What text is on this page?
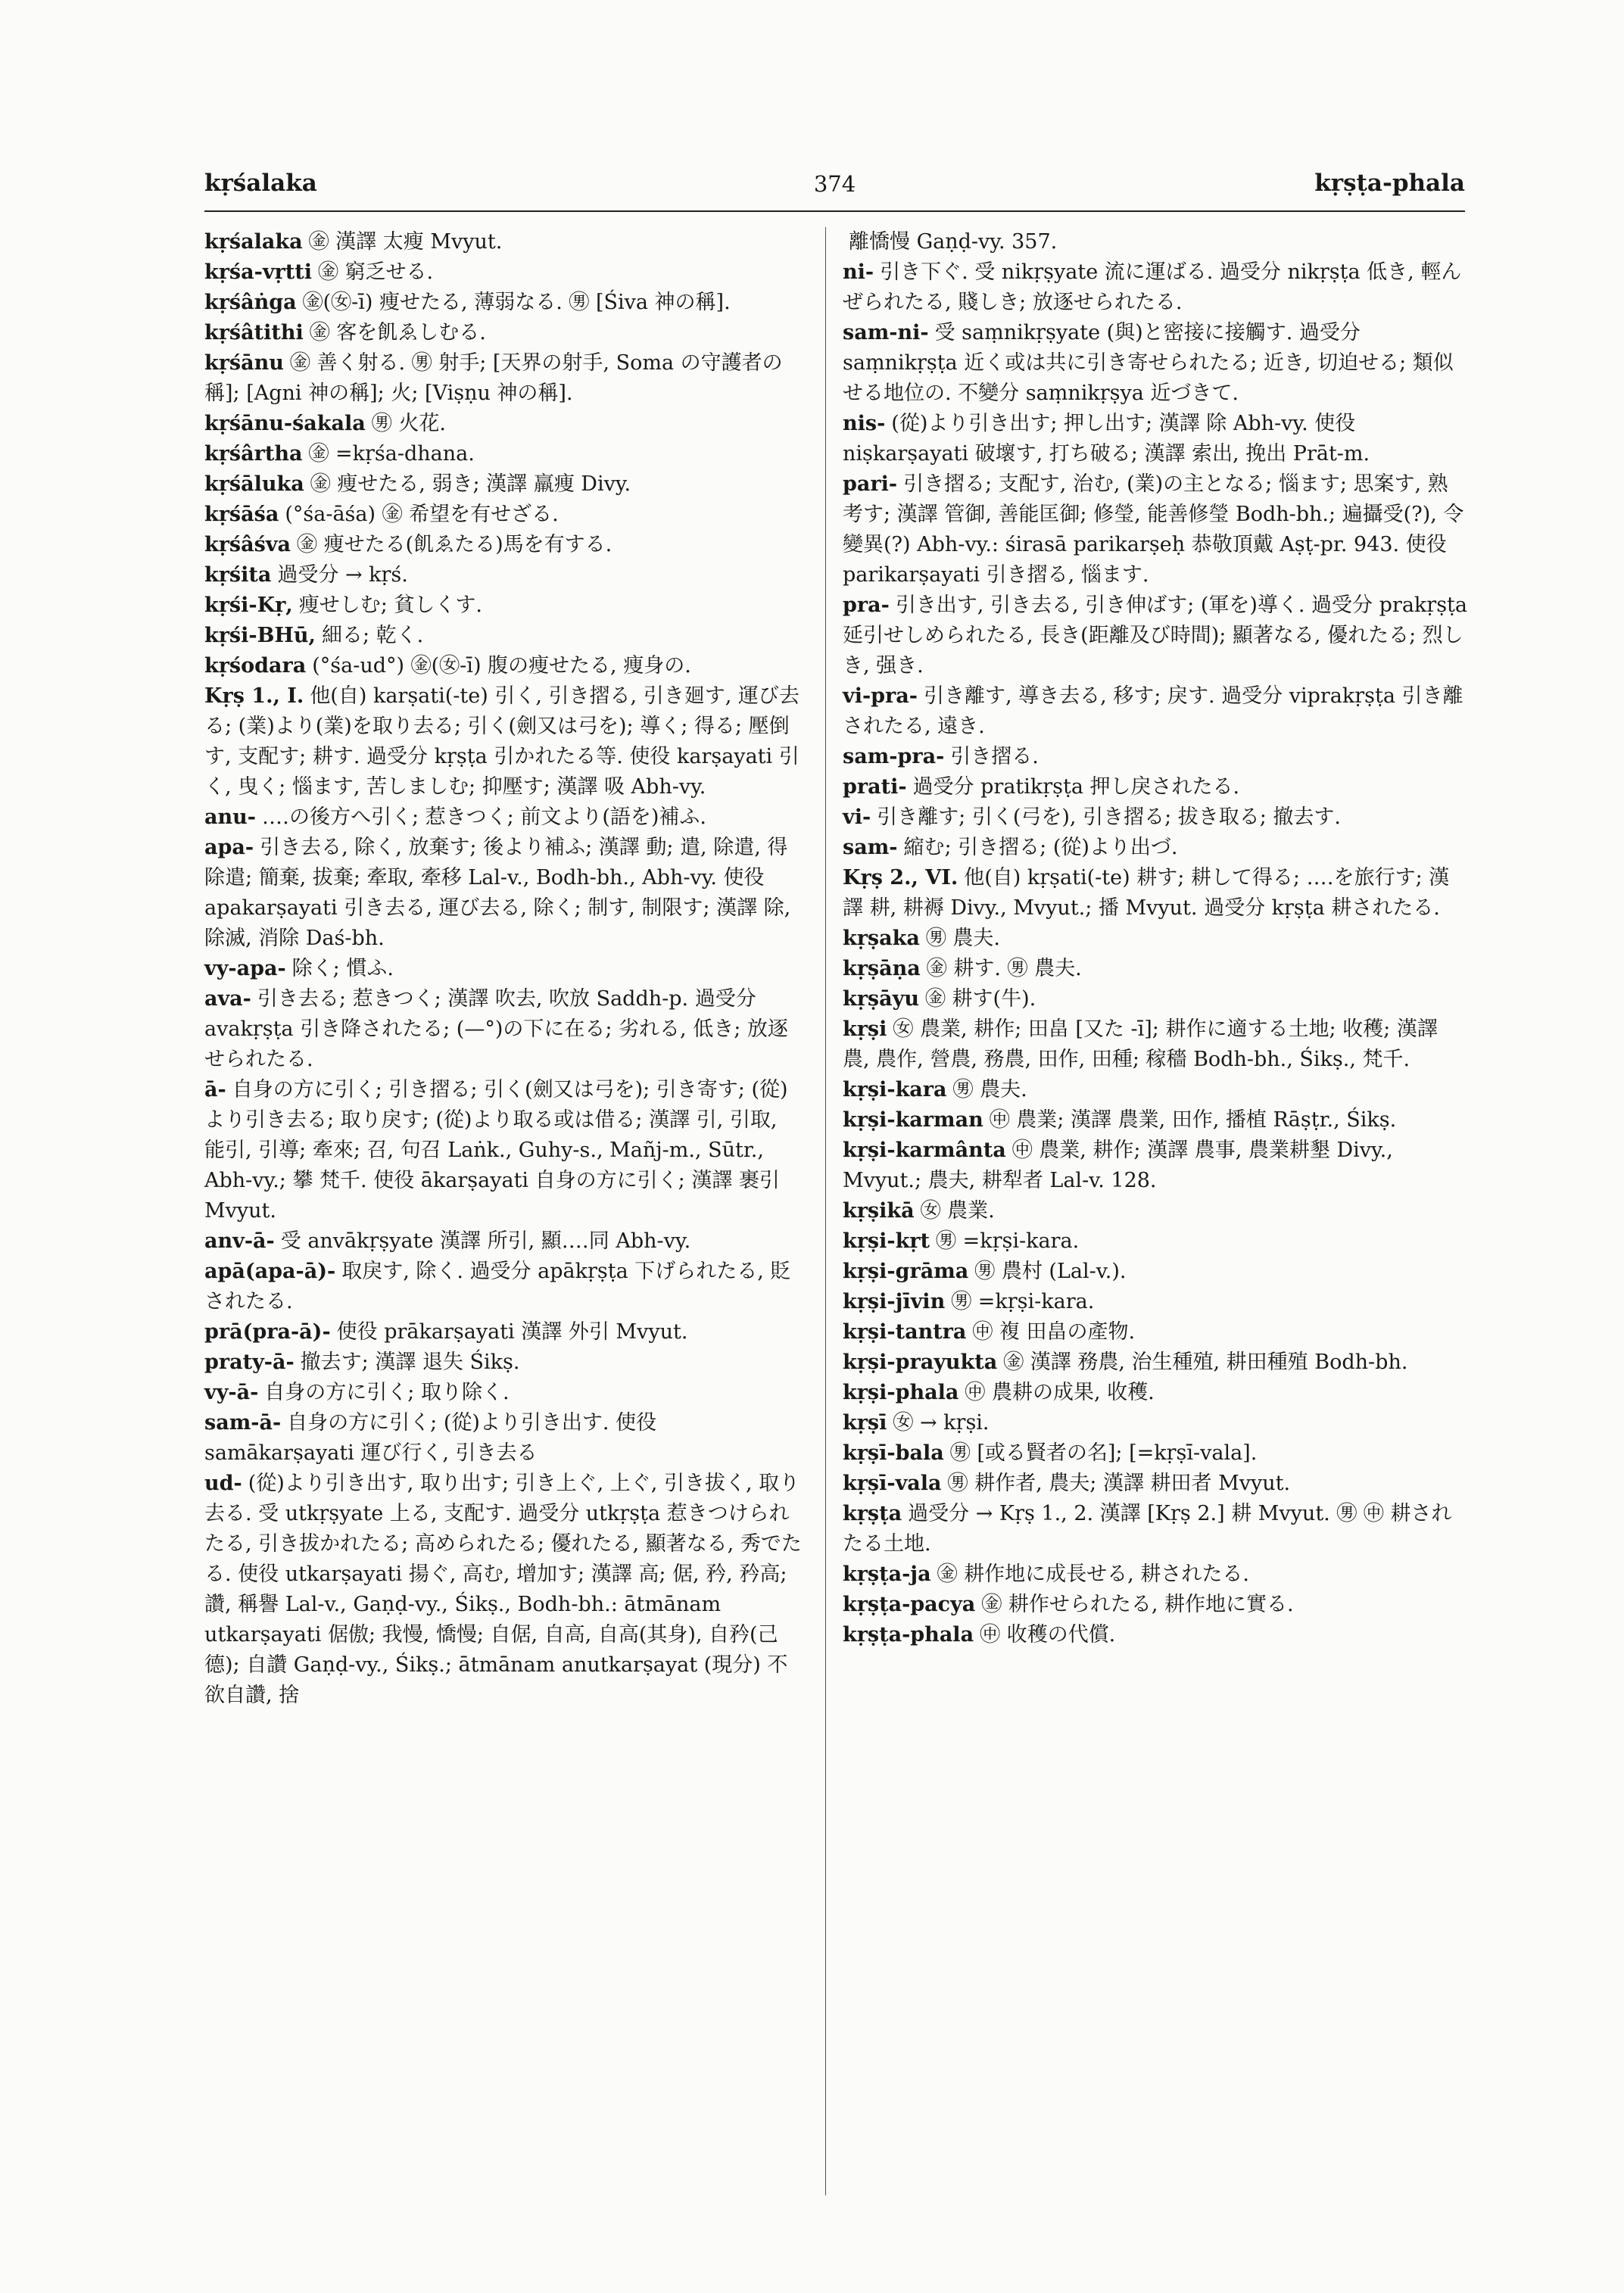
kṛśalaka	374	kṛṣṭa-phala
kṛśalaka ㊎ 漢譯 太瘦 Mvyut.
kṛśa-vṛtti ㊎ 窮乏せる.
kṛśâṅga ㊎(㊛-ī) 痩せたる, 薄弱なる. ㊚ [Śiva 神の稱].
kṛśâtithi ㊎ 客を飢ゑしむる.
kṛśānu ㊎ 善く射る. ㊚ 射手; [天界の射手, Soma の守護者の稱]; [Agni 神の稱]; 火; [Viṣṇu 神の稱].
kṛśānu-śakala ㊚ 火花.
kṛśârtha ㊎ =kṛśa-dhana.
kṛśāluka ㊎ 痩せたる, 弱き; 漢譯 羸痩 Divy.
kṛśāśa (°śa-āśa) ㊎ 希望を有せざる.
kṛśâśva ㊎ 痩せたる(飢ゑたる)馬を有する.
kṛśita 過受分 → kṛś.
kṛśi-Kṛ, 痩せしむ; 貧しくす.
kṛśi-BHū, 細る; 乾く.
kṛśodara (°śa-ud°) ㊎(㊛-ī) 腹の痩せたる, 痩身の.
Kṛṣ 1., I. 他(自) karṣati(-te) 引く, 引き摺る, 引き廻す, 運び去る; (業)より(業)を取り去る; 引く(劍又は弓を); 導く; 得る; 壓倒す, 支配す; 耕す. 過受分 kṛṣṭa 引かれたる等. 使役 karṣayati 引く, 曳く; 惱ます, 苦しましむ; 抑壓す; 漢譯 吸 Abh-vy.
anu- ‥‥の後方へ引く; 惹きつく; 前文より(語を)補ふ.
apa- 引き去る, 除く, 放棄す; 後より補ふ; 漢譯 動; 遣, 除遣, 得除遣; 簡棄, 拔棄; 牽取, 牽移 Lal-v., Bodh-bh., Abh-vy. 使役 apakarṣayati 引き去る, 運び去る, 除く; 制す, 制限す; 漢譯 除, 除滅, 消除 Daś-bh.
vy-apa- 除く; 慣ふ.
ava- 引き去る; 惹きつく; 漢譯 吹去, 吹放 Saddh-p. 過受分 avakṛṣṭa 引き降されたる; (—°)の下に在る; 劣れる, 低き; 放逐せられたる.
ā- 自身の方に引く; 引き摺る; 引く(劍又は弓を); 引き寄す; (從)より引き去る; 取り戾す; (從)より取る或は借る; 漢譯 引, 引取, 能引, 引導; 牽來; 召, 句召 Laṅk., Guhy-s., Mañj-m., Sūtr., Abh-vy.; 攀 梵千. 使役 ākarṣayati 自身の方に引く; 漢譯 裹引 Mvyut.
anv-ā- 受 anvākṛṣyate 漢譯 所引, 顯‥‥同 Abh-vy.
apā(apa-ā)- 取戾す, 除く. 過受分 apākṛṣṭa 下げられたる, 貶されたる.
prā(pra-ā)- 使役 prākarṣayati 漢譯 外引 Mvyut.
praty-ā- 撤去す; 漢譯 退失 Śikṣ.
vy-ā- 自身の方に引く; 取り除く.
sam-ā- 自身の方に引く; (從)より引き出す. 使役 samākarṣayati 運び行く, 引き去る
ud- (從)より引き出す, 取り出す; 引き上ぐ, 上ぐ, 引き拔く, 取り去る. 受 utkṛṣyate 上る, 支配す. 過受分 utkṛṣṭa 惹きつけられたる, 引き拔かれたる; 高められたる; 優れたる, 顯著なる, 秀でたる. 使役 utkarṣayati 揚ぐ, 高む, 增加す; 漢譯 高; 倨, 矜, 矜高; 讚, 稱譽 Lal-v., Gaṇḍ-vy., Śikṣ., Bodh-bh.: ātmānam utkarṣayati 倨傲; 我慢, 憍慢; 自倨, 自高, 自高(其身), 自矜(己德); 自讚 Gaṇḍ-vy., Śikṣ.; ātmānam anutkarṣayat (現分) 不欲自讚, 捨
離憍慢 Gaṇḍ-vy. 357.
ni- 引き下ぐ. 受 nikṛṣyate 流に運ばる. 過受分 nikṛṣṭa 低き, 輕んぜられたる, 賤しき; 放逐せられたる.
sam-ni- 受 saṃnikṛṣyate (與)と密接に接觸す. 過受分 saṃnikṛṣṭa 近く或は共に引き寄せられたる; 近き, 切迫せる; 類似せる地位の. 不變分 saṃnikṛṣya 近づきて.
nis- (從)より引き出す; 押し出す; 漢譯 除 Abh-vy. 使役 niṣkarṣayati 破壞す, 打ち破る; 漢譯 索出, 挽出 Prāt-m.
pari- 引き摺る; 支配す, 治む, (業)の主となる; 惱ます; 思案す, 熟考す; 漢譯 管御, 善能匡御; 修瑩, 能善修瑩 Bodh-bh.; 遍攝受(?), 令變異(?) Abh-vy.: śirasā parikarṣeḥ 恭敬頂戴 Aṣṭ-pr. 943. 使役 parikarṣayati 引き摺る, 惱ます.
pra- 引き出す, 引き去る, 引き伸ばす; (軍を)導く. 過受分 prakṛṣṭa 延引せしめられたる, 長き(距離及び時間); 顯著なる, 優れたる; 烈しき, 强き.
vi-pra- 引き離す, 導き去る, 移す; 戾す. 過受分 viprakṛṣṭa 引き離されたる, 遠き.
sam-pra- 引き摺る.
prati- 過受分 pratikṛṣṭa 押し戾されたる.
vi- 引き離す; 引く(弓を), 引き摺る; 拔き取る; 撤去す.
sam- 縮む; 引き摺る; (從)より出づ.
Kṛṣ 2., VI. 他(自) kṛṣati(-te) 耕す; 耕して得る; ‥‥を旅行す; 漢譯 耕, 耕褥 Divy., Mvyut.; 播 Mvyut. 過受分 kṛṣṭa 耕されたる.
kṛṣaka ㊚ 農夫.
kṛṣāṇa ㊎ 耕す. ㊚ 農夫.
kṛṣāyu ㊎ 耕す(牛).
kṛṣi ㊛ 農業, 耕作; 田畠 [又た -ī]; 耕作に適する土地; 收穫; 漢譯 農, 農作, 營農, 務農, 田作, 田種; 稼穡 Bodh-bh., Śikṣ., 梵千.
kṛṣi-kara ㊚ 農夫.
kṛṣi-karman ㊥ 農業; 漢譯 農業, 田作, 播植 Rāṣṭr., Śikṣ.
kṛṣi-karmânta ㊥ 農業, 耕作; 漢譯 農事, 農業耕墾 Divy., Mvyut.; 農夫, 耕犁者 Lal-v. 128.
kṛṣikā ㊛ 農業.
kṛṣi-kṛt ㊚ =kṛṣi-kara.
kṛṣi-grāma ㊚ 農村 (Lal-v.).
kṛṣi-jīvin ㊚ =kṛṣi-kara.
kṛṣi-tantra ㊥ 複 田畠の產物.
kṛṣi-prayukta ㊎ 漢譯 務農, 治生種殖, 耕田種殖 Bodh-bh.
kṛṣi-phala ㊥ 農耕の成果, 收穫.
kṛṣī ㊛ → kṛṣi.
kṛṣī-bala ㊚ [或る賢者の名]; [=kṛṣī-vala].
kṛṣī-vala ㊚ 耕作者, 農夫; 漢譯 耕田者 Mvyut.
kṛṣṭa 過受分 → Kṛṣ 1., 2. 漢譯 [Kṛṣ 2.] 耕 Mvyut. ㊚ ㊥ 耕されたる土地.
kṛṣṭa-ja ㊎ 耕作地に成長せる, 耕されたる.
kṛṣṭa-pacya ㊎ 耕作せられたる, 耕作地に實る.
kṛṣṭa-phala ㊥ 收穫の代償.
